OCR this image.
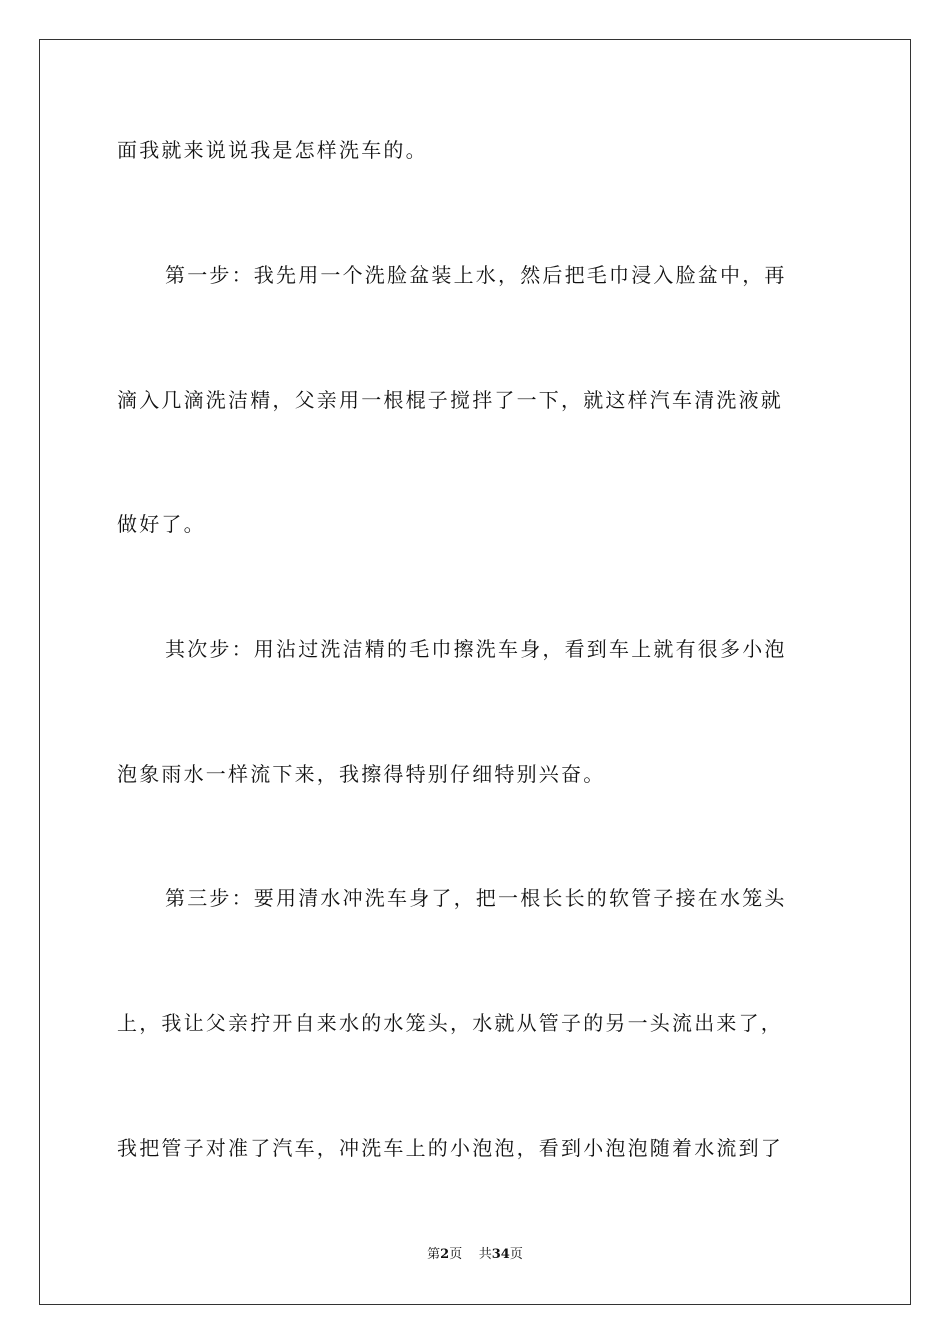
面我就来说说我是怎样洗车的。
第一步：我先用一个洗脸盆装上水，然后把毛巾浸入脸盆中，再
滴入几滴洗洁精，父亲用一根棍子搅拌了一下，就这样汽车清洗液就
做好了。
其次步：用沾过洗洁精的毛巾擦洗车身，看到车上就有很多小泡
泡象雨水一样流下来，我擦得特别仔细特别兴奋。
第三步：要用清水冲洗车身了，把一根长长的软管子接在水笼头
上，我让父亲拧开自来水的水笼头，水就从管子的另一头流出来了，
我把管子对准了汽车，冲洗车上的小泡泡，看到小泡泡随着水流到了
第2页 共34页
